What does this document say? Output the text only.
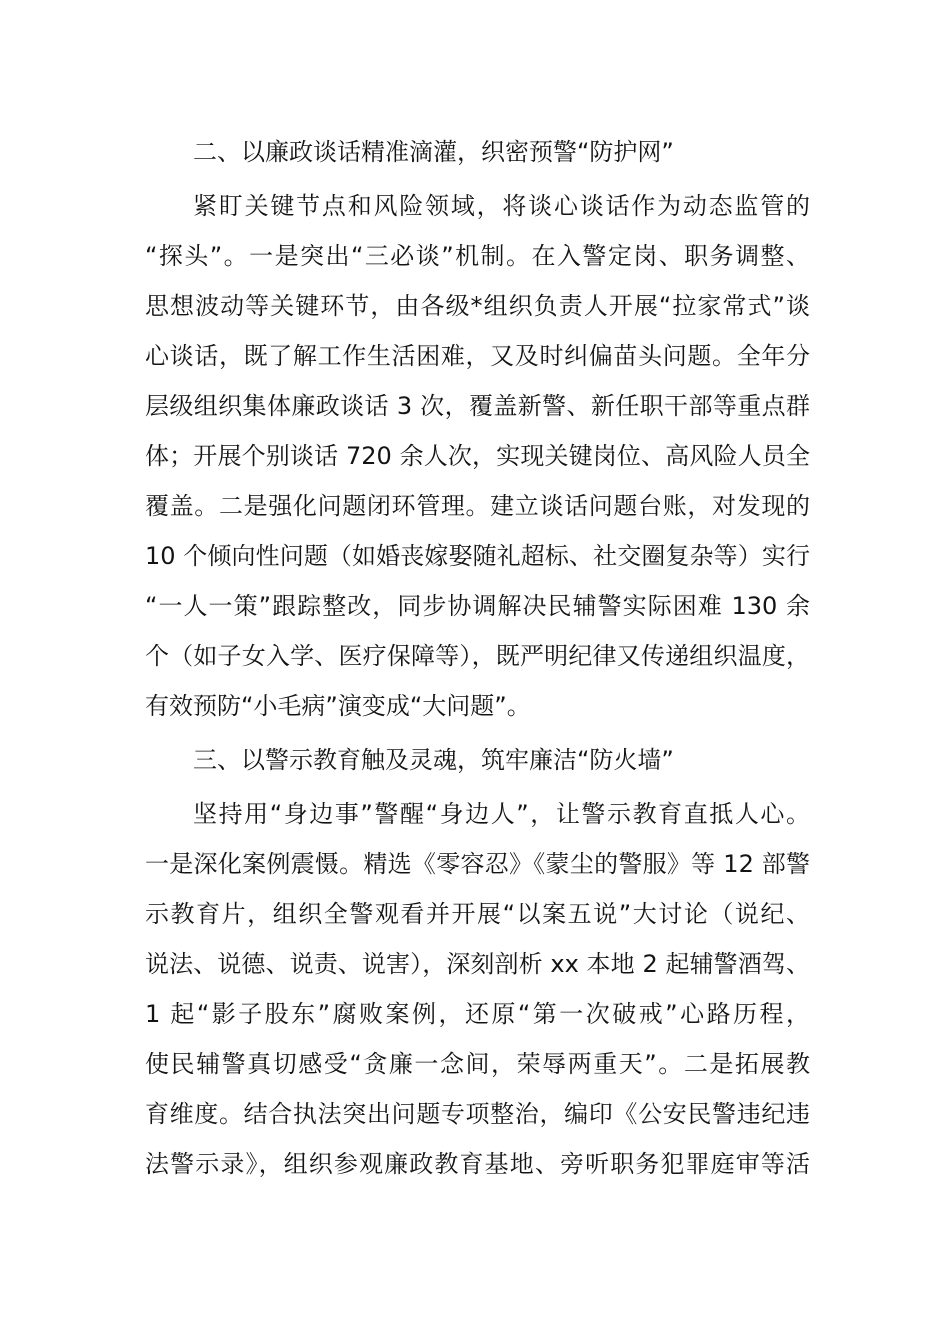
二、以廉政谈话精准滴灌，织密预警“防护网”
紧盯关键节点和风险领域，将谈心谈话作为动态监管的
“探头”。一是突出“三必谈”机制。在入警定岗、职务调整、
思想波动等关键环节，由各级*组织负责人开展“拉家常式”谈
心谈话，既了解工作生活困难，又及时纠偏苗头问题。全年分
层级组织集体廉政谈话 3 次，覆盖新警、新任职干部等重点群
体；开展个别谈话 720 余人次，实现关键岗位、高风险人员全
覆盖。二是强化问题闭环管理。建立谈话问题台账，对发现的
10 个倾向性问题（如婚丧嫁娶随礼超标、社交圈复杂等）实行
“一人一策”跟踪整改，同步协调解决民辅警实际困难 130 余
个（如子女入学、医疗保障等），既严明纪律又传递组织温度，
有效预防“小毛病”演变成“大问题”。
三、以警示教育触及灵魂，筑牢廉洁“防火墙”
坚持用“身边事”警醒“身边人”，让警示教育直抵人心。
一是深化案例震慑。精选《零容忍》《蒙尘的警服》等 12 部警
示教育片，组织全警观看并开展“以案五说”大讨论（说纪、
说法、说德、说责、说害），深刻剖析 xx 本地 2 起辅警酒驾、
1 起“影子股东”腐败案例，还原“第一次破戒”心路历程，
使民辅警真切感受“贪廉一念间，荣辱两重天”。二是拓展教
育维度。结合执法突出问题专项整治，编印《公安民警违纪违
法警示录》，组织参观廉政教育基地、旁听职务犯罪庭审等活
